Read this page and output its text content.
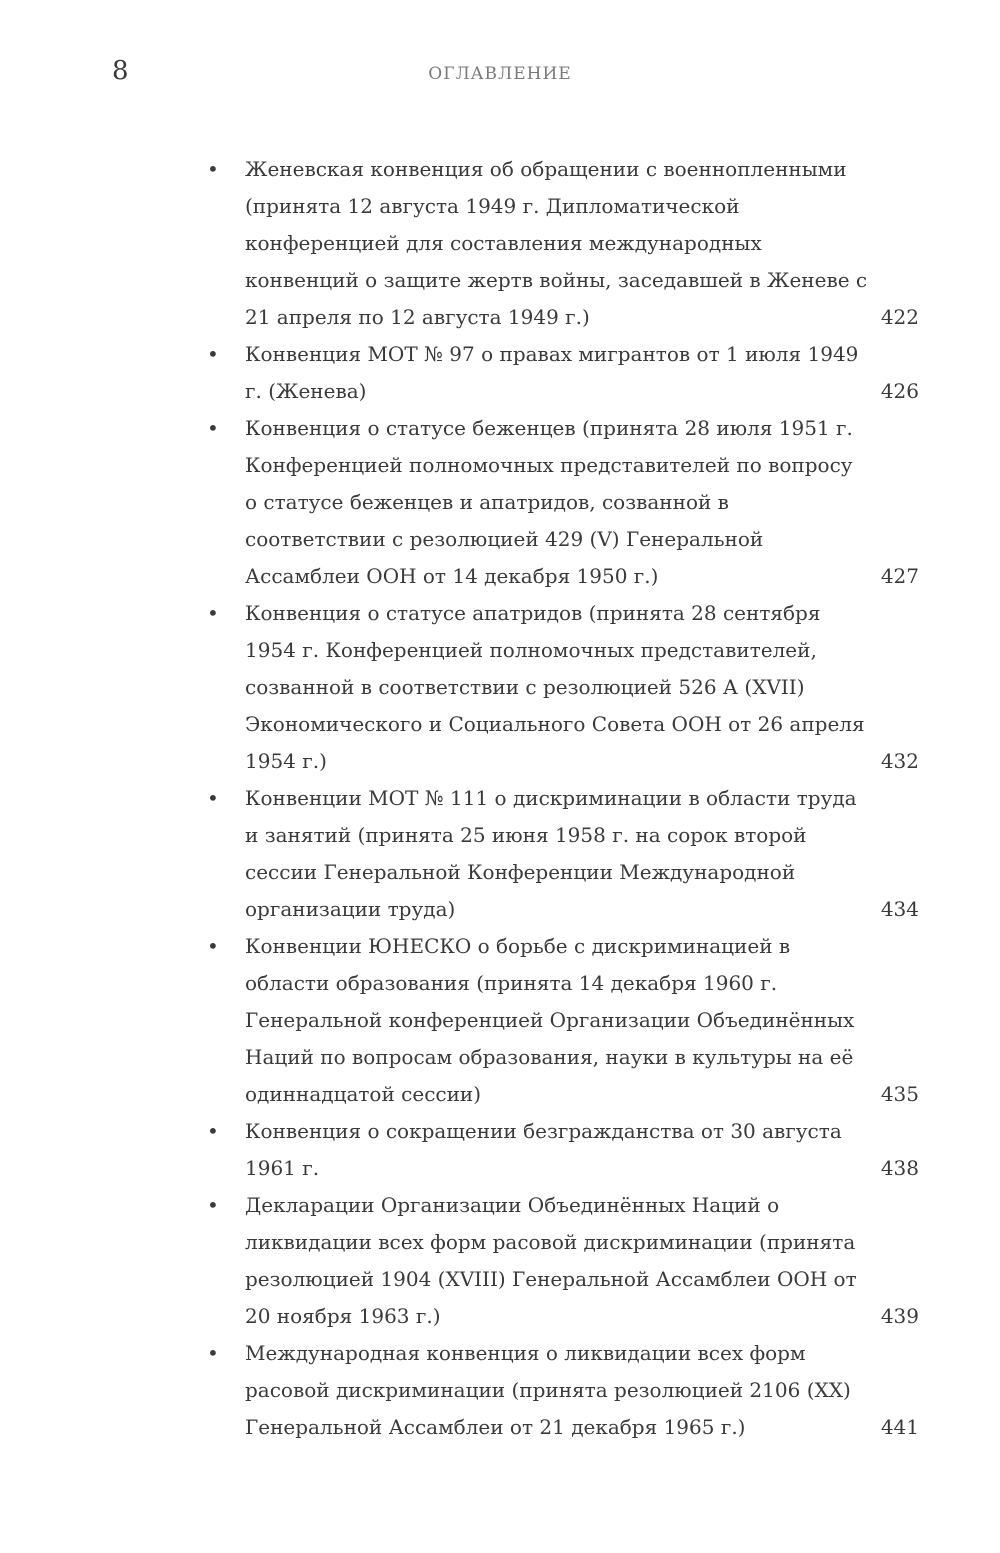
8	ОГЛАВЛЕНИЕ
• Женевская конвенция об обращении с военнопленными (принята 12 августа 1949 г. Дипломатической конференцией для составления международных конвенций о защите жертв войны, заседавшей в Женеве с 21 апреля по 12 августа 1949 г.)	422
• Конвенция МОТ № 97 о правах мигрантов от 1 июля 1949 г. (Женева)	426
• Конвенция о статусе беженцев (принята 28 июля 1951 г. Конференцией полномочных представителей по вопросу о статусе беженцев и апатридов, созванной в соответствии с резолюцией 429 (V) Генеральной Ассамблеи ООН от 14 декабря 1950 г.)	427
• Конвенция о статусе апатридов (принята 28 сентября 1954 г. Конференцией полномочных представителей, созванной в соответствии с резолюцией 526 А (XVII) Экономического и Социального Совета ООН от 26 апреля 1954 г.)	432
• Конвенции МОТ № 111 о дискриминации в области труда и занятий (принята 25 июня 1958 г. на сорок второй сессии Генеральной Конференции Международной организации труда)	434
• Конвенции ЮНЕСКО о борьбе с дискриминацией в области образования (принята 14 декабря 1960 г. Генеральной конференцией Организации Объединённых Наций по вопросам образования, науки в культуры на её одиннадцатой сессии)	435
• Конвенция о сокращении безгражданства от 30 августа 1961 г.	438
• Декларации Организации Объединённых Наций о ликвидации всех форм расовой дискриминации (принята резолюцией 1904 (XVIII) Генеральной Ассамблеи ООН от 20 ноября 1963 г.)	439
• Международная конвенция о ликвидации всех форм расовой дискриминации (принята резолюцией 2106 (XX) Генеральной Ассамблеи от 21 декабря 1965 г.)	441
